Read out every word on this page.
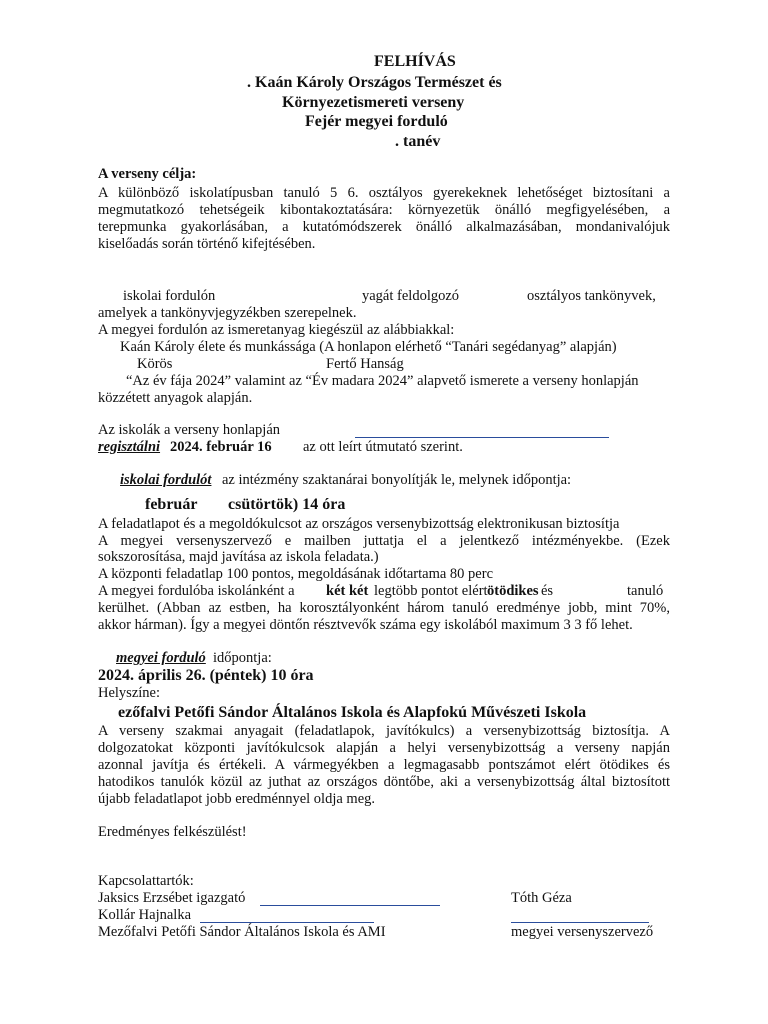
FELHÍVÁS
. Kaán Károly Országos Természet és
Környezetismereti verseny
Fejér megyei forduló
. tanév
A verseny célja:
A különböző iskolatípusban tanuló 5 6. osztályos gyerekeknek lehetőséget biztosítani a
megmutatkozó tehetségeik kibontakoztatására: környezetük önálló megfigyelésében, a
terepmunka gyakorlásában, a kutatómódszerek önálló alkalmazásában, mondanivalójuk
kiselőadás során történő kifejtésében.
iskolai fordulón	yagát feldolgozó	osztályos tankönyvek,
amelyek a tankönyvjegyzékben szerepelnek.
A megyei fordulón az ismeretanyag kiegészül az alábbiakkal:
Kaán Károly élete és munkássága (A honlapon elérhető “Tanári segédanyag” alapján)
Körös	Fertő Hanság
“Az év fája 2024” valamint az “Év madara 2024” alapvető ismerete a verseny honlapján
közzétett anyagok alapján.
Az iskolák a verseny honlapján
regisztálni 2024. február 16 az ott leírt útmutató szerint.
iskolai fordulót az intézmény szaktanárai bonyolítják le, melynek időpontja:
február csütörtök) 14 óra
A feladatlapot és a megoldókulcsot az országos versenybizottság elektronikusan biztosítja
A megyei versenyszervező e mailben juttatja el a jelentkező intézményekbe. (Ezek
sokszorosítása, majd javítása az iskola feladata.)
A központi feladatlap 100 pontos, megoldásának időtartama 80 perc
A megyei fordulóba iskolánként a két két legtöbb pontot elért ötödikes és	tanuló
kerülhet. (Abban az estben, ha korosztályonként három tanuló eredménye jobb, mint 70%,
akkor hárman). Így a megyei döntőn résztvevők száma egy iskolából maximum 3 3 fő lehet.
megyei forduló időpontja:
2024. április 26. (péntek) 10 óra
Helyszíne:
ezőfalvi Petőfi Sándor Általános Iskola és Alapfokú Művészeti Iskola
A verseny szakmai anyagait (feladatlapok, javítókulcs) a versenybizottság biztosítja. A
dolgozatokat központi javítókulcsok alapján a helyi versenybizottság a verseny napján
azonnal javítja és értékeli. A vármegyékben a legmagasabb pontszámot elért ötödikes és
hatodikos tanulók közül az juthat az országos döntőbe, aki a versenybizottság által biztosított
újabb feladatlapot jobb eredménnyel oldja meg.
Eredményes felkészülést!
Kapcsolattartók:
Jaksics Erzsébet igazgató	Tóth Géza
Kollár Hajnalka
Mezőfalvi Petőfi Sándor Általános Iskola és AMI	megyei versenyszervező
